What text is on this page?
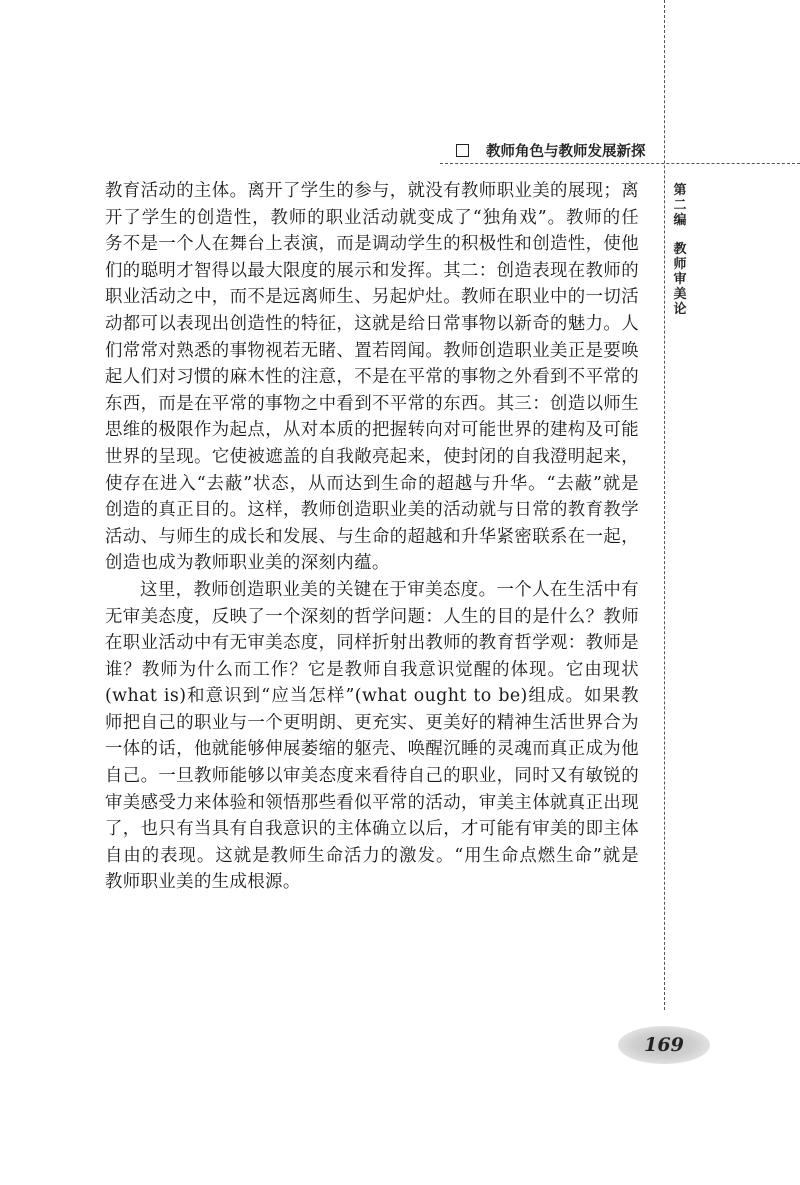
教师角色与教师发展新探
第二编
教师审美论

教育活动的主体。离开了学生的参与，就没有教师职业美的展现；离开了学生的创造性，教师的职业活动就变成了“独角戏”。教师的任务不是一个人在舞台上表演，而是调动学生的积极性和创造性，使他们的聪明才智得以最大限度的展示和发挥。其二：创造表现在教师的职业活动之中，而不是远离师生、另起炉灶。教师在职业中的一切活动都可以表现出创造性的特征，这就是给日常事物以新奇的魅力。人们常常对熟悉的事物视若无睹、置若罔闻。教师创造职业美正是要唤起人们对习惯的麻木性的注意，不是在平常的事物之外看到不平常的东西，而是在平常的事物之中看到不平常的东西。其三：创造以师生思维的极限作为起点，从对本质的把握转向对可能世界的建构及可能世界的呈现。它使被遮盖的自我敞亮起来，使封闭的自我澄明起来，使存在进入“去蔽”状态，从而达到生命的超越与升华。“去蔽”就是创造的真正目的。这样，教师创造职业美的活动就与日常的教育教学活动、与师生的成长和发展、与生命的超越和升华紧密联系在一起，创造也成为教师职业美的深刻内蕴。

这里，教师创造职业美的关键在于审美态度。一个人在生活中有无审美态度，反映了一个深刻的哲学问题：人生的目的是什么？教师在职业活动中有无审美态度，同样折射出教师的教育哲学观：教师是谁？教师为什么而工作？它是教师自我意识觉醒的体现。它由现状(what is)和意识到“应当怎样”(what ought to be)组成。如果教师把自己的职业与一个更明朗、更充实、更美好的精神生活世界合为一体的话，他就能够伸展萎缩的躯壳、唤醒沉睡的灵魂而真正成为他自己。一旦教师能够以审美态度来看待自己的职业，同时又有敏锐的审美感受力来体验和领悟那些看似平常的活动，审美主体就真正出现了，也只有当具有自我意识的主体确立以后，才可能有审美的即主体自由的表现。这就是教师生命活力的激发。“用生命点燃生命”就是教师职业美的生成根源。

169
